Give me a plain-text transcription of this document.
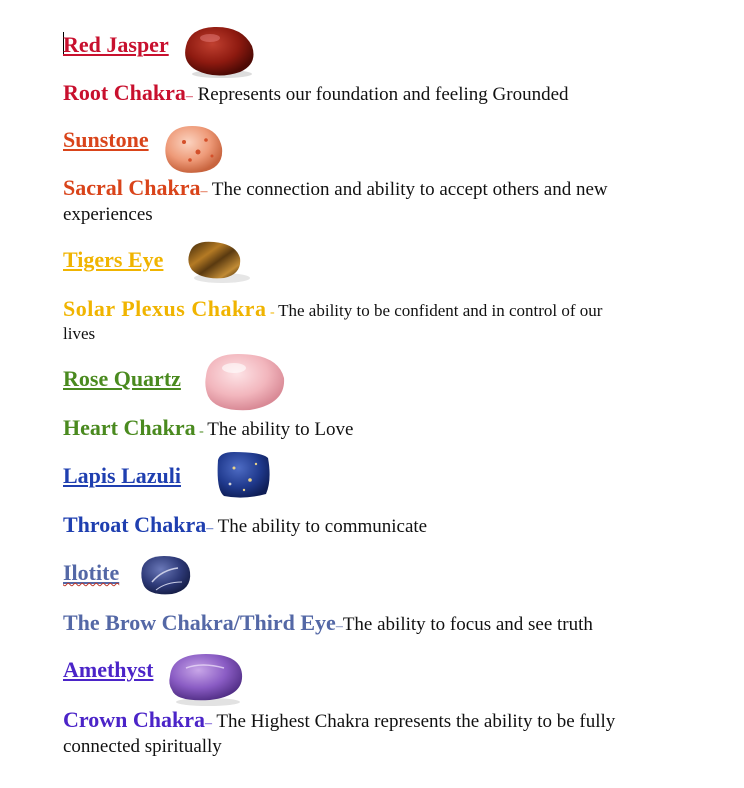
Red Jasper
Root Chakra– Represents our foundation and feeling Grounded
Sunstone
Sacral Chakra– The connection and ability to accept others and new
experiences
Tigers Eye
Solar Plexus Chakra - The ability to be confident and in control of our
lives
Rose Quartz
Heart Chakra - The ability to Love
Lapis Lazuli
Throat Chakra– The ability to communicate
Ilotite
The Brow Chakra/Third Eye–The ability to focus and see truth
Amethyst
Crown Chakra– The Highest Chakra represents the ability to be fully
connected spiritually
